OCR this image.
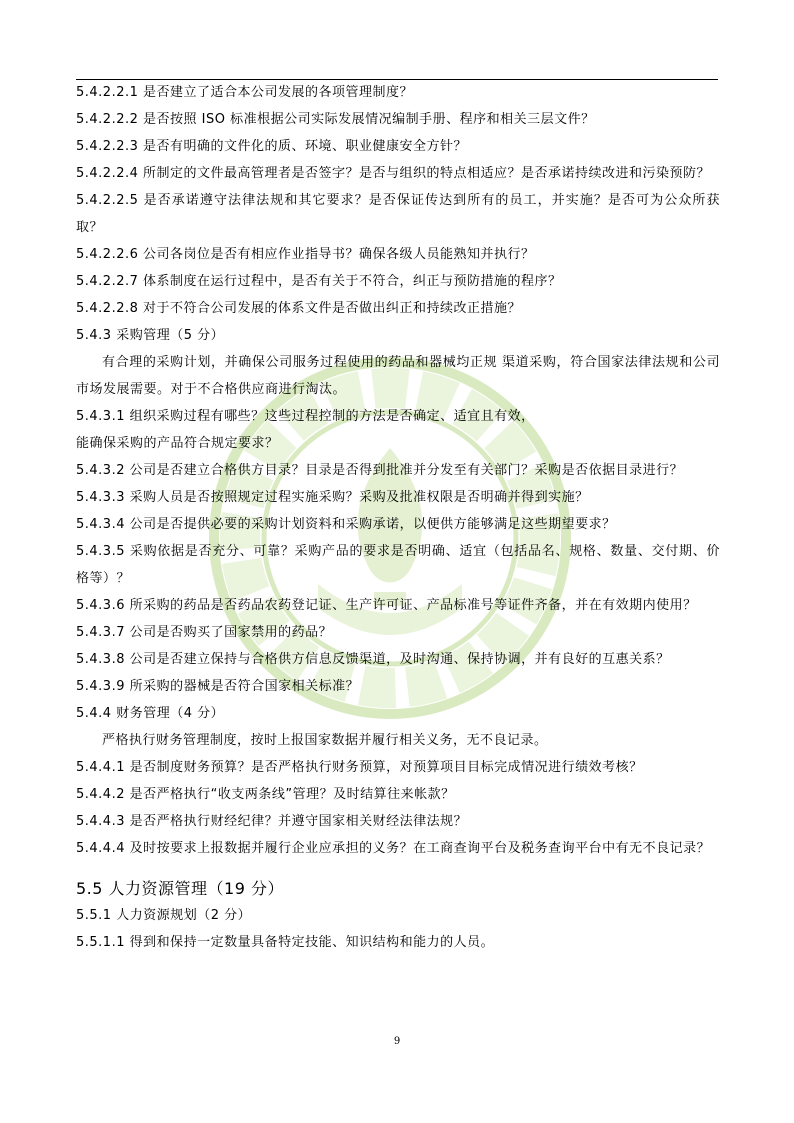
5.4.2.2.1 是否建立了适合本公司发展的各项管理制度？
5.4.2.2.2 是否按照 ISO 标准根据公司实际发展情况编制手册、程序和相关三层文件？
5.4.2.2.3 是否有明确的文件化的质、环境、职业健康安全方针？
5.4.2.2.4 所制定的文件最高管理者是否签字？是否与组织的特点相适应？是否承诺持续改进和污染预防？
5.4.2.2.5 是否承诺遵守法律法规和其它要求？是否保证传达到所有的员工，并实施？是否可为公众所获取？
5.4.2.2.6 公司各岗位是否有相应作业指导书？确保各级人员能熟知并执行？
5.4.2.2.7 体系制度在运行过程中，是否有关于不符合，纠正与预防措施的程序？
5.4.2.2.8 对于不符合公司发展的体系文件是否做出纠正和持续改正措施？
5.4.3 采购管理（5 分）
有合理的采购计划，并确保公司服务过程使用的药品和器械均正规 渠道采购，符合国家法律法规和公司市场发展需要。对于不合格供应商进行淘汰。
5.4.3.1 组织采购过程有哪些？这些过程控制的方法是否确定、适宜且有效，
能确保采购的产品符合规定要求？
5.4.3.2 公司是否建立合格供方目录？目录是否得到批准并分发至有关部门？采购是否依据目录进行？
5.4.3.3 采购人员是否按照规定过程实施采购？采购及批准权限是否明确并得到实施？
5.4.3.4 公司是否提供必要的采购计划资料和采购承诺，以便供方能够满足这些期望要求？
5.4.3.5 采购依据是否充分、可靠？采购产品的要求是否明确、适宜（包括品名、规格、数量、交付期、价格等）？
5.4.3.6 所采购的药品是否药品农药登记证、生产许可证、产品标准号等证件齐备，并在有效期内使用？
5.4.3.7 公司是否购买了国家禁用的药品？
5.4.3.8 公司是否建立保持与合格供方信息反馈渠道，及时沟通、保持协调，并有良好的互惠关系？
5.4.3.9 所采购的器械是否符合国家相关标准？
5.4.4 财务管理（4 分）
严格执行财务管理制度，按时上报国家数据并履行相关义务，无不良记录。
5.4.4.1 是否制度财务预算？是否严格执行财务预算，对预算项目目标完成情况进行绩效考核？
5.4.4.2 是否严格执行“收支两条线”管理？及时结算往来帐款？
5.4.4.3 是否严格执行财经纪律？并遵守国家相关财经法律法规？
5.4.4.4 及时按要求上报数据并履行企业应承担的义务？在工商查询平台及税务查询平台中有无不良记录？
5.5 人力资源管理（19 分）
5.5.1 人力资源规划（2 分）
5.5.1.1 得到和保持一定数量具备特定技能、知识结构和能力的人员。
9
